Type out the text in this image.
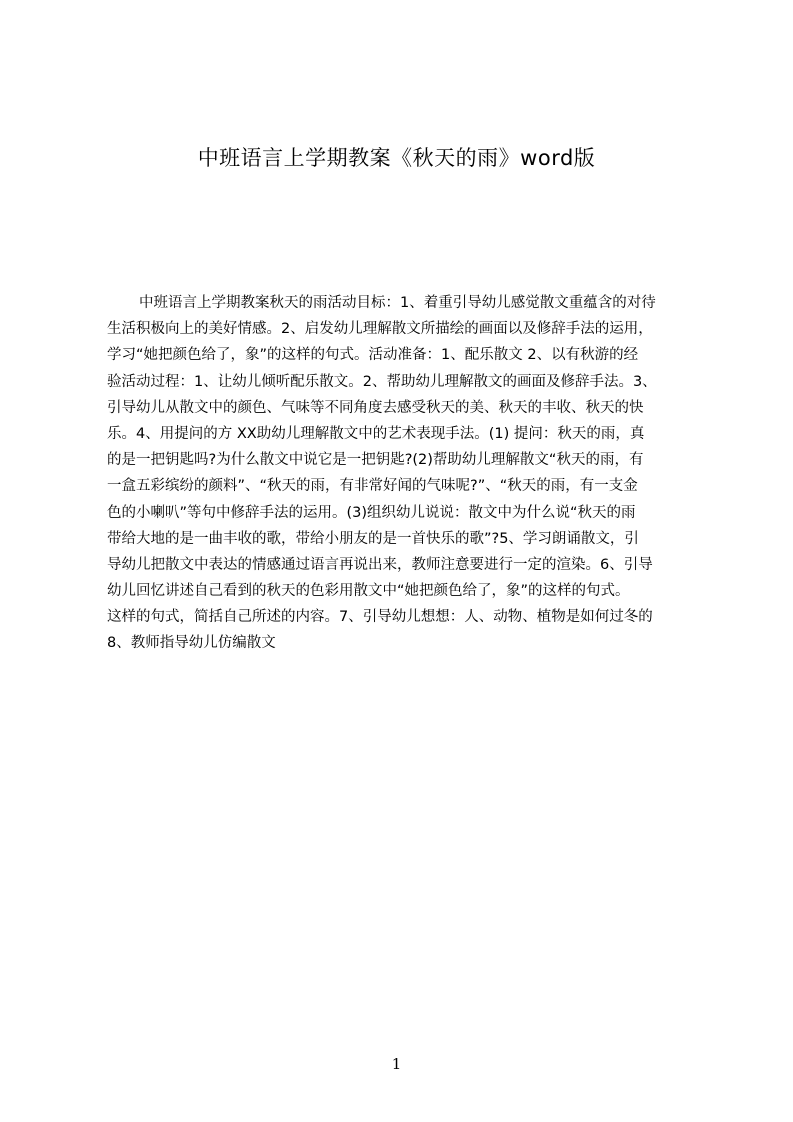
中班语言上学期教案《秋天的雨》word版
中班语言上学期教案秋天的雨活动目标：1、着重引导幼儿感觉散文重蕴含的对待
生活积极向上的美好情感。2、启发幼儿理解散文所描绘的画面以及修辞手法的运用，
学习“她把颜色给了，象”的这样的句式。活动准备：1、配乐散文 2、以有秋游的经
验活动过程：1、让幼儿倾听配乐散文。2、帮助幼儿理解散文的画面及修辞手法。3、
引导幼儿从散文中的颜色、气味等不同角度去感受秋天的美、秋天的丰收、秋天的快
乐。4、用提问的方 XX助幼儿理解散文中的艺术表现手法。(1) 提问：秋天的雨，真
的是一把钥匙吗?为什么散文中说它是一把钥匙?(2)帮助幼儿理解散文“秋天的雨，有
一盒五彩缤纷的颜料”、“秋天的雨，有非常好闻的气味呢?”、“秋天的雨，有一支金
色的小喇叭”等句中修辞手法的运用。(3)组织幼儿说说：散文中为什么说“秋天的雨
带给大地的是一曲丰收的歌，带给小朋友的是一首快乐的歌”?5、学习朗诵散文，引
导幼儿把散文中表达的情感通过语言再说出来，教师注意要进行一定的渲染。6、引导
幼儿回忆讲述自己看到的秋天的色彩用散文中“她把颜色给了，象”的这样的句式。
这样的句式，简括自己所述的内容。7、引导幼儿想想：人、动物、植物是如何过冬的
8、教师指导幼儿仿编散文
1
